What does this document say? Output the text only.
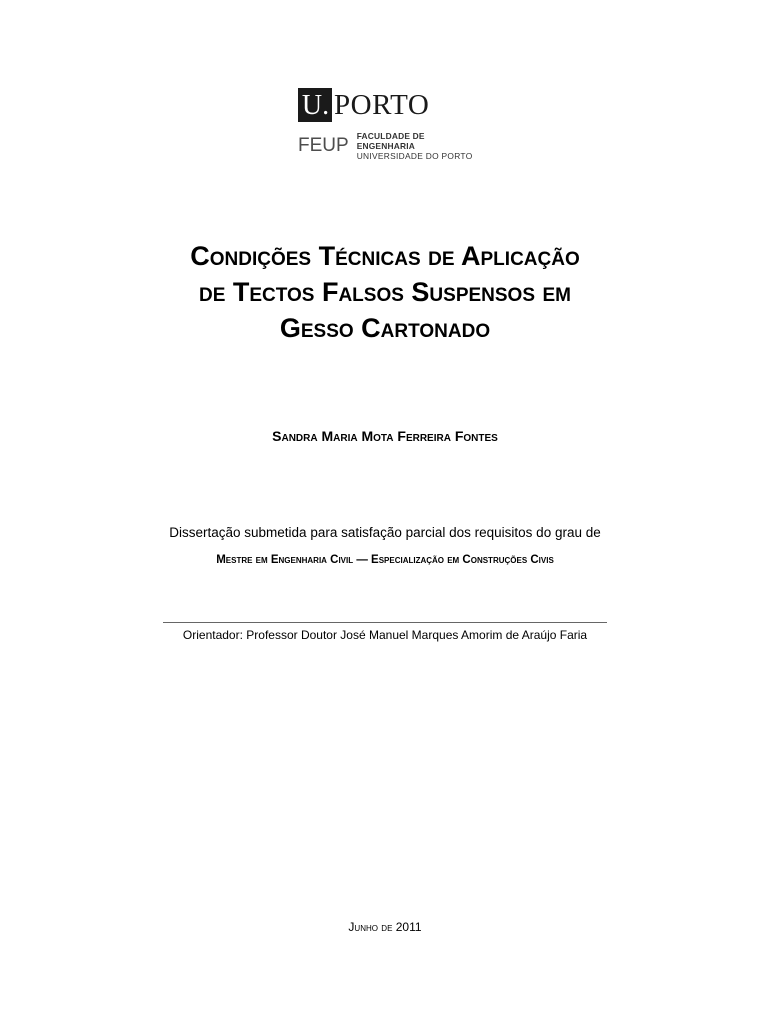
U. PORTO
FEUP FACULDADE DE ENGENHARIA
UNIVERSIDADE DO PORTO
Condições Técnicas de Aplicação
de Tectos Falsos Suspensos em
Gesso Cartonado
Sandra Maria Mota Ferreira Fontes
Dissertação submetida para satisfação parcial dos requisitos do grau de
Mestre em Engenharia Civil — Especialização em Construções Civis
Orientador: Professor Doutor José Manuel Marques Amorim de Araújo Faria
Junho de 2011
